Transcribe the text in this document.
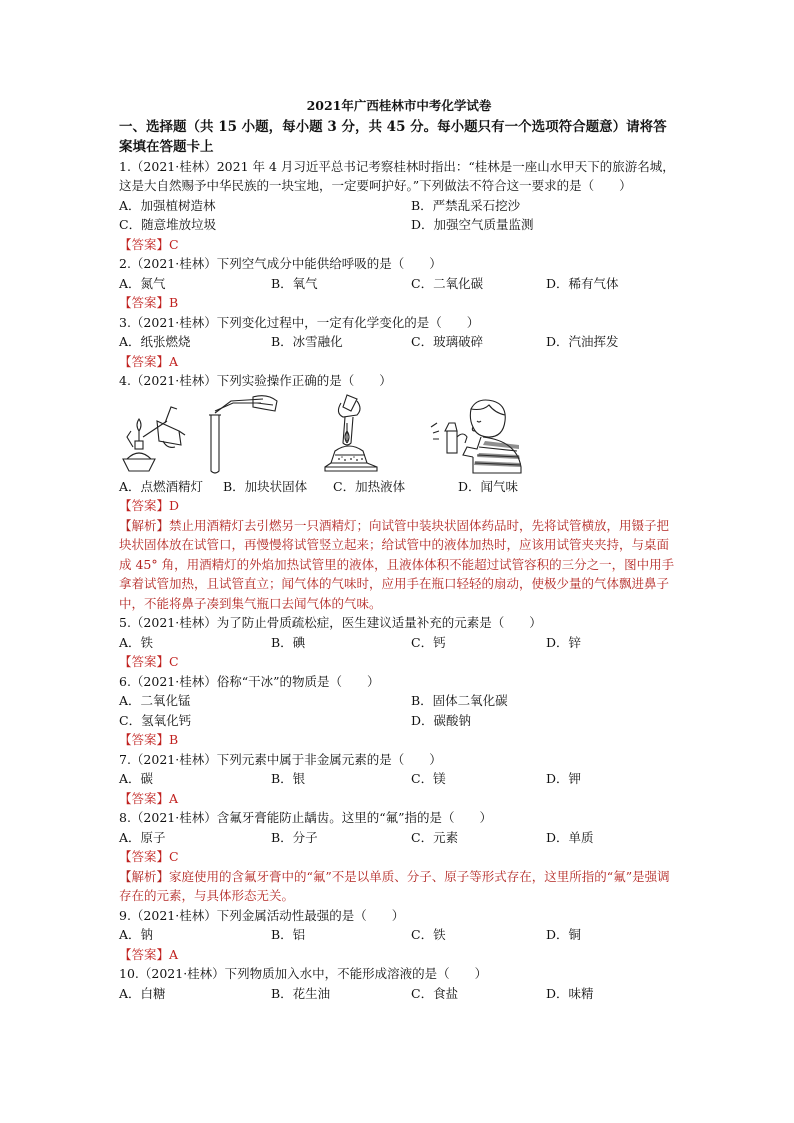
2021年广西桂林市中考化学试卷
一、选择题（共 15 小题，每小题 3 分，共 45 分。每小题只有一个选项符合题意）请将答案填在答题卡上
1.（2021·桂林）2021 年 4 月习近平总书记考察桂林时指出：“桂林是一座山水甲天下的旅游名城，这是大自然赐予中华民族的一块宝地，一定要呵护好。”下列做法不符合这一要求的是（　　）
A．加强植树造林	B．严禁乱采石挖沙
C．随意堆放垃圾	D．加强空气质量监测
【答案】C
2.（2021·桂林）下列空气成分中能供给呼吸的是（　　）
A．氮气	B．氧气	C．二氧化碳	D．稀有气体
【答案】B
3.（2021·桂林）下列变化过程中，一定有化学变化的是（　　）
A．纸张燃烧	B．冰雪融化	C．玻璃破碎	D．汽油挥发
【答案】A
4.（2021·桂林）下列实验操作正确的是（　　）
A．点燃酒精灯	B．加块状固体	C．加热液体	D．闻气味
【答案】D
【解析】禁止用酒精灯去引燃另一只酒精灯；向试管中装块状固体药品时，先将试管横放，用镊子把块状固体放在试管口，再慢慢将试管竖立起来；给试管中的液体加热时，应该用试管夹夹持，与桌面成 45° 角，用酒精灯的外焰加热试管里的液体，且液体体积不能超过试管容积的三分之一，图中用手拿着试管加热，且试管直立；闻气体的气味时，应用手在瓶口轻轻的扇动，使极少量的气体飘进鼻子中，不能将鼻子凑到集气瓶口去闻气体的气味。
5.（2021·桂林）为了防止骨质疏松症，医生建议适量补充的元素是（　　）
A．铁	B．碘	C．钙	D．锌
【答案】C
6.（2021·桂林）俗称“干冰”的物质是（　　）
A．二氧化锰	B．固体二氧化碳
C．氢氧化钙	D．碳酸钠
【答案】B
7.（2021·桂林）下列元素中属于非金属元素的是（　　）
A．碳	B．银	C．镁	D．钾
【答案】A
8.（2021·桂林）含氟牙膏能防止龋齿。这里的“氟”指的是（　　）
A．原子	B．分子	C．元素	D．单质
【答案】C
【解析】家庭使用的含氟牙膏中的“氟”不是以单质、分子、原子等形式存在，这里所指的“氟”是强调存在的元素，与具体形态无关。
9.（2021·桂林）下列金属活动性最强的是（　　）
A．钠	B．铝	C．铁	D．铜
【答案】A
10.（2021·桂林）下列物质加入水中，不能形成溶液的是（　　）
A．白糖	B．花生油	C．食盐	D．味精
